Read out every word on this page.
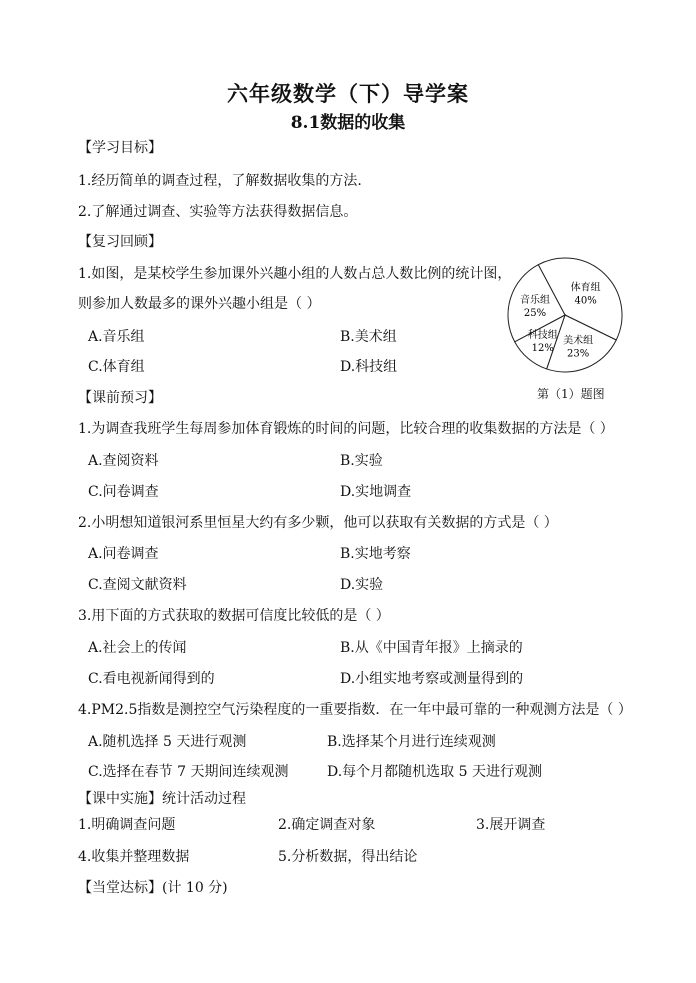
六年级数学（下）导学案
8.1数据的收集
【学习目标】
1.经历简单的调查过程，了解数据收集的方法.
2.了解通过调查、实验等方法获得数据信息。
【复习回顾】
1.如图，是某校学生参加课外兴趣小组的人数占总人数比例的统计图，
则参加人数最多的课外兴趣小组是（ ）
A.音乐组	B.美术组
C.体育组	D.科技组
体育组
40%
美术组
23%
科技组
12%
音乐组
25%
第（1）题图
【课前预习】
1.为调查我班学生每周参加体育锻炼的时间的问题，比较合理的收集数据的方法是（ ）
A.查阅资料	B.实验
C.问卷调查	D.实地调查
2.小明想知道银河系里恒星大约有多少颗，他可以获取有关数据的方式是（ ）
A.问卷调查	B.实地考察
C.查阅文献资料	D.实验
3.用下面的方式获取的数据可信度比较低的是（ ）
A.社会上的传闻	B.从《中国青年报》上摘录的
C.看电视新闻得到的	D.小组实地考察或测量得到的
4.PM2.5指数是测控空气污染程度的一重要指数．在一年中最可靠的一种观测方法是（ ）
A.随机选择 5 天进行观测	B.选择某个月进行连续观测
C.选择在春节 7 天期间连续观测	D.每个月都随机选取 5 天进行观测
【课中实施】统计活动过程
1.明确调查问题	2.确定调查对象	3.展开调查
4.收集并整理数据	5.分析数据，得出结论
【当堂达标】(计 10 分)
